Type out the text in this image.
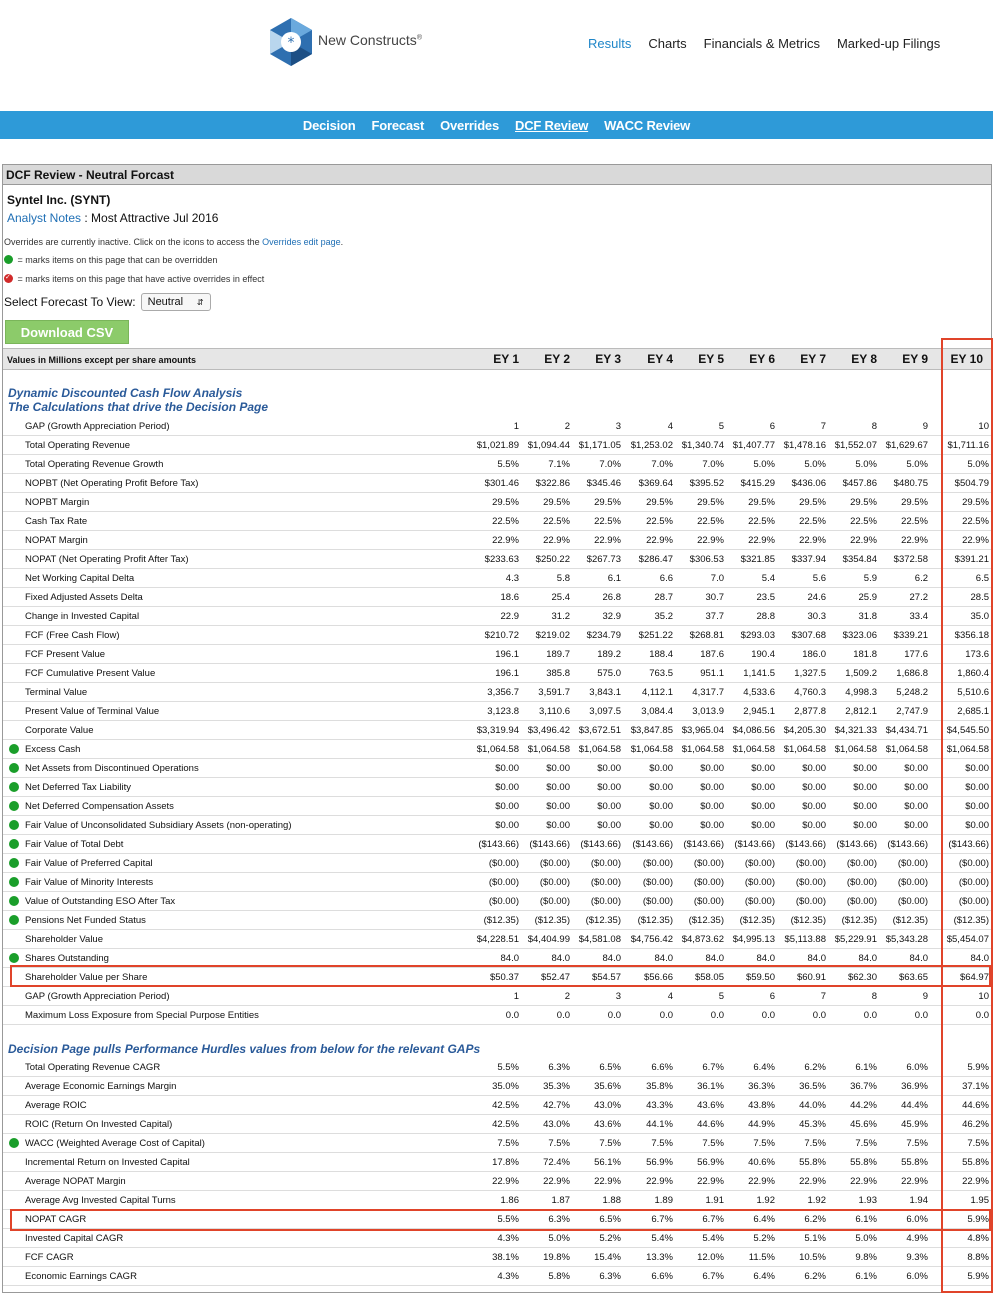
* New Constructs®	Results Charts Financials & Metrics Marked-up Filings
Decision Forecast Overrides DCF Review WACC Review
DCF Review - Neutral Forcast
Syntel Inc. (SYNT)
Analyst Notes : Most Attractive Jul 2016
Overrides are currently inactive. Click on the icons to access the Overrides edit page.
= marks items on this page that can be overridden
✓ = marks items on this page that have active overrides in effect
Select Forecast To View: Neutral ⇵
Download CSV
Values in Millions except per share amounts	EY 1 EY 2 EY 3 EY 4 EY 5 EY 6 EY 7 EY 8 EY 9 EY 10
Dynamic Discounted Cash Flow Analysis
The Calculations that drive the Decision Page
GAP (Growth Appreciation Period)	1	2	3	4	5	6	7	8	9	10
Total Operating Revenue	$1,021.89 $1,094.44 $1,171.05 $1,253.02 $1,340.74 $1,407.77 $1,478.16 $1,552.07 $1,629.67 $1,711.16
Total Operating Revenue Growth	5.5%	7.1%	7.0%	7.0%	7.0%	5.0%	5.0%	5.0%	5.0%	5.0%
NOPBT (Net Operating Profit Before Tax)	$301.46 $322.86 $345.46 $369.64 $395.52 $415.29 $436.06 $457.86 $480.75	$504.79
NOPBT Margin	29.5%	29.5%	29.5%	29.5%	29.5%	29.5%	29.5%	29.5%	29.5%	29.5%
Cash Tax Rate	22.5%	22.5%	22.5%	22.5%	22.5%	22.5%	22.5%	22.5%	22.5%	22.5%
NOPAT Margin	22.9%	22.9%	22.9%	22.9%	22.9%	22.9%	22.9%	22.9%	22.9%	22.9%
NOPAT (Net Operating Profit After Tax)	$233.63 $250.22 $267.73 $286.47 $306.53 $321.85 $337.94 $354.84 $372.58	$391.21
Net Working Capital Delta	4.3	5.8	6.1	6.6	7.0	5.4	5.6	5.9	6.2	6.5
Fixed Adjusted Assets Delta	18.6	25.4	26.8	28.7	30.7	23.5	24.6	25.9	27.2	28.5
Change in Invested Capital	22.9	31.2	32.9	35.2	37.7	28.8	30.3	31.8	33.4	35.0
FCF (Free Cash Flow)	$210.72 $219.02 $234.79 $251.22 $268.81 $293.03 $307.68 $323.06 $339.21	$356.18
FCF Present Value	196.1	189.7	189.2	188.4	187.6	190.4	186.0	181.8	177.6	173.6
FCF Cumulative Present Value	196.1	385.8	575.0	763.5	951.1 1,141.5 1,327.5 1,509.2 1,686.8	1,860.4
Terminal Value	3,356.7 3,591.7 3,843.1 4,112.1 4,317.7 4,533.6 4,760.3 4,998.3 5,248.2	5,510.6
Present Value of Terminal Value	3,123.8 3,110.6 3,097.5 3,084.4 3,013.9 2,945.1 2,877.8 2,812.1 2,747.9	2,685.1
Corporate Value	$3,319.94 $3,496.42 $3,672.51 $3,847.85 $3,965.04 $4,086.56 $4,205.30 $4,321.33 $4,434.71 $4,545.50
Excess Cash	$1,064.58 $1,064.58 $1,064.58 $1,064.58 $1,064.58 $1,064.58 $1,064.58 $1,064.58 $1,064.58 $1,064.58
Net Assets from Discontinued Operations	$0.00	$0.00	$0.00	$0.00	$0.00	$0.00	$0.00	$0.00	$0.00	$0.00
Net Deferred Tax Liability	$0.00	$0.00	$0.00	$0.00	$0.00	$0.00	$0.00	$0.00	$0.00	$0.00
Net Deferred Compensation Assets	$0.00	$0.00	$0.00	$0.00	$0.00	$0.00	$0.00	$0.00	$0.00	$0.00
Fair Value of Unconsolidated Subsidiary Assets (non-operating)	$0.00	$0.00	$0.00	$0.00	$0.00	$0.00	$0.00	$0.00	$0.00	$0.00
Fair Value of Total Debt	($143.66) ($143.66) ($143.66) ($143.66) ($143.66) ($143.66) ($143.66) ($143.66) ($143.66) ($143.66)
Fair Value of Preferred Capital	($0.00) ($0.00) ($0.00) ($0.00) ($0.00) ($0.00) ($0.00) ($0.00) ($0.00)	($0.00)
Fair Value of Minority Interests	($0.00) ($0.00) ($0.00) ($0.00) ($0.00) ($0.00) ($0.00) ($0.00) ($0.00)	($0.00)
Value of Outstanding ESO After Tax	($0.00) ($0.00) ($0.00) ($0.00) ($0.00) ($0.00) ($0.00) ($0.00) ($0.00)	($0.00)
Pensions Net Funded Status	($12.35) ($12.35) ($12.35) ($12.35) ($12.35) ($12.35) ($12.35) ($12.35) ($12.35)	($12.35)
Shareholder Value	$4,228.51 $4,404.99 $4,581.08 $4,756.42 $4,873.62 $4,995.13 $5,113.88 $5,229.91 $5,343.28 $5,454.07
Shares Outstanding	84.0	84.0	84.0	84.0	84.0	84.0	84.0	84.0	84.0	84.0
Shareholder Value per Share	$50.37 $52.47 $54.57 $56.66 $58.05 $59.50 $60.91 $62.30 $63.65	$64.97
GAP (Growth Appreciation Period)	1	2	3	4	5	6	7	8	9	10
Maximum Loss Exposure from Special Purpose Entities	0.0	0.0	0.0	0.0	0.0	0.0	0.0	0.0	0.0	0.0
Decision Page pulls Performance Hurdles values from below for the relevant GAPs
Total Operating Revenue CAGR	5.5%	6.3%	6.5%	6.6%	6.7%	6.4%	6.2%	6.1%	6.0%	5.9%
Average Economic Earnings Margin	35.0%	35.3%	35.6%	35.8%	36.1%	36.3%	36.5%	36.7%	36.9%	37.1%
Average ROIC	42.5%	42.7%	43.0%	43.3%	43.6%	43.8%	44.0%	44.2%	44.4%	44.6%
ROIC (Return On Invested Capital)	42.5%	43.0%	43.6%	44.1%	44.6%	44.9%	45.3%	45.6%	45.9%	46.2%
WACC (Weighted Average Cost of Capital)	7.5%	7.5%	7.5%	7.5%	7.5%	7.5%	7.5%	7.5%	7.5%	7.5%
Incremental Return on Invested Capital	17.8%	72.4%	56.1%	56.9%	56.9%	40.6%	55.8%	55.8%	55.8%	55.8%
Average NOPAT Margin	22.9%	22.9%	22.9%	22.9%	22.9%	22.9%	22.9%	22.9%	22.9%	22.9%
Average Avg Invested Capital Turns	1.86	1.87	1.88	1.89	1.91	1.92	1.92	1.93	1.94	1.95
NOPAT CAGR	5.5%	6.3%	6.5%	6.7%	6.7%	6.4%	6.2%	6.1%	6.0%	5.9%
Invested Capital CAGR	4.3%	5.0%	5.2%	5.4%	5.4%	5.2%	5.1%	5.0%	4.9%	4.8%
FCF CAGR	38.1%	19.8%	15.4%	13.3%	12.0%	11.5%	10.5%	9.8%	9.3%	8.8%
Economic Earnings CAGR	4.3%	5.8%	6.3%	6.6%	6.7%	6.4%	6.2%	6.1%	6.0%	5.9%
